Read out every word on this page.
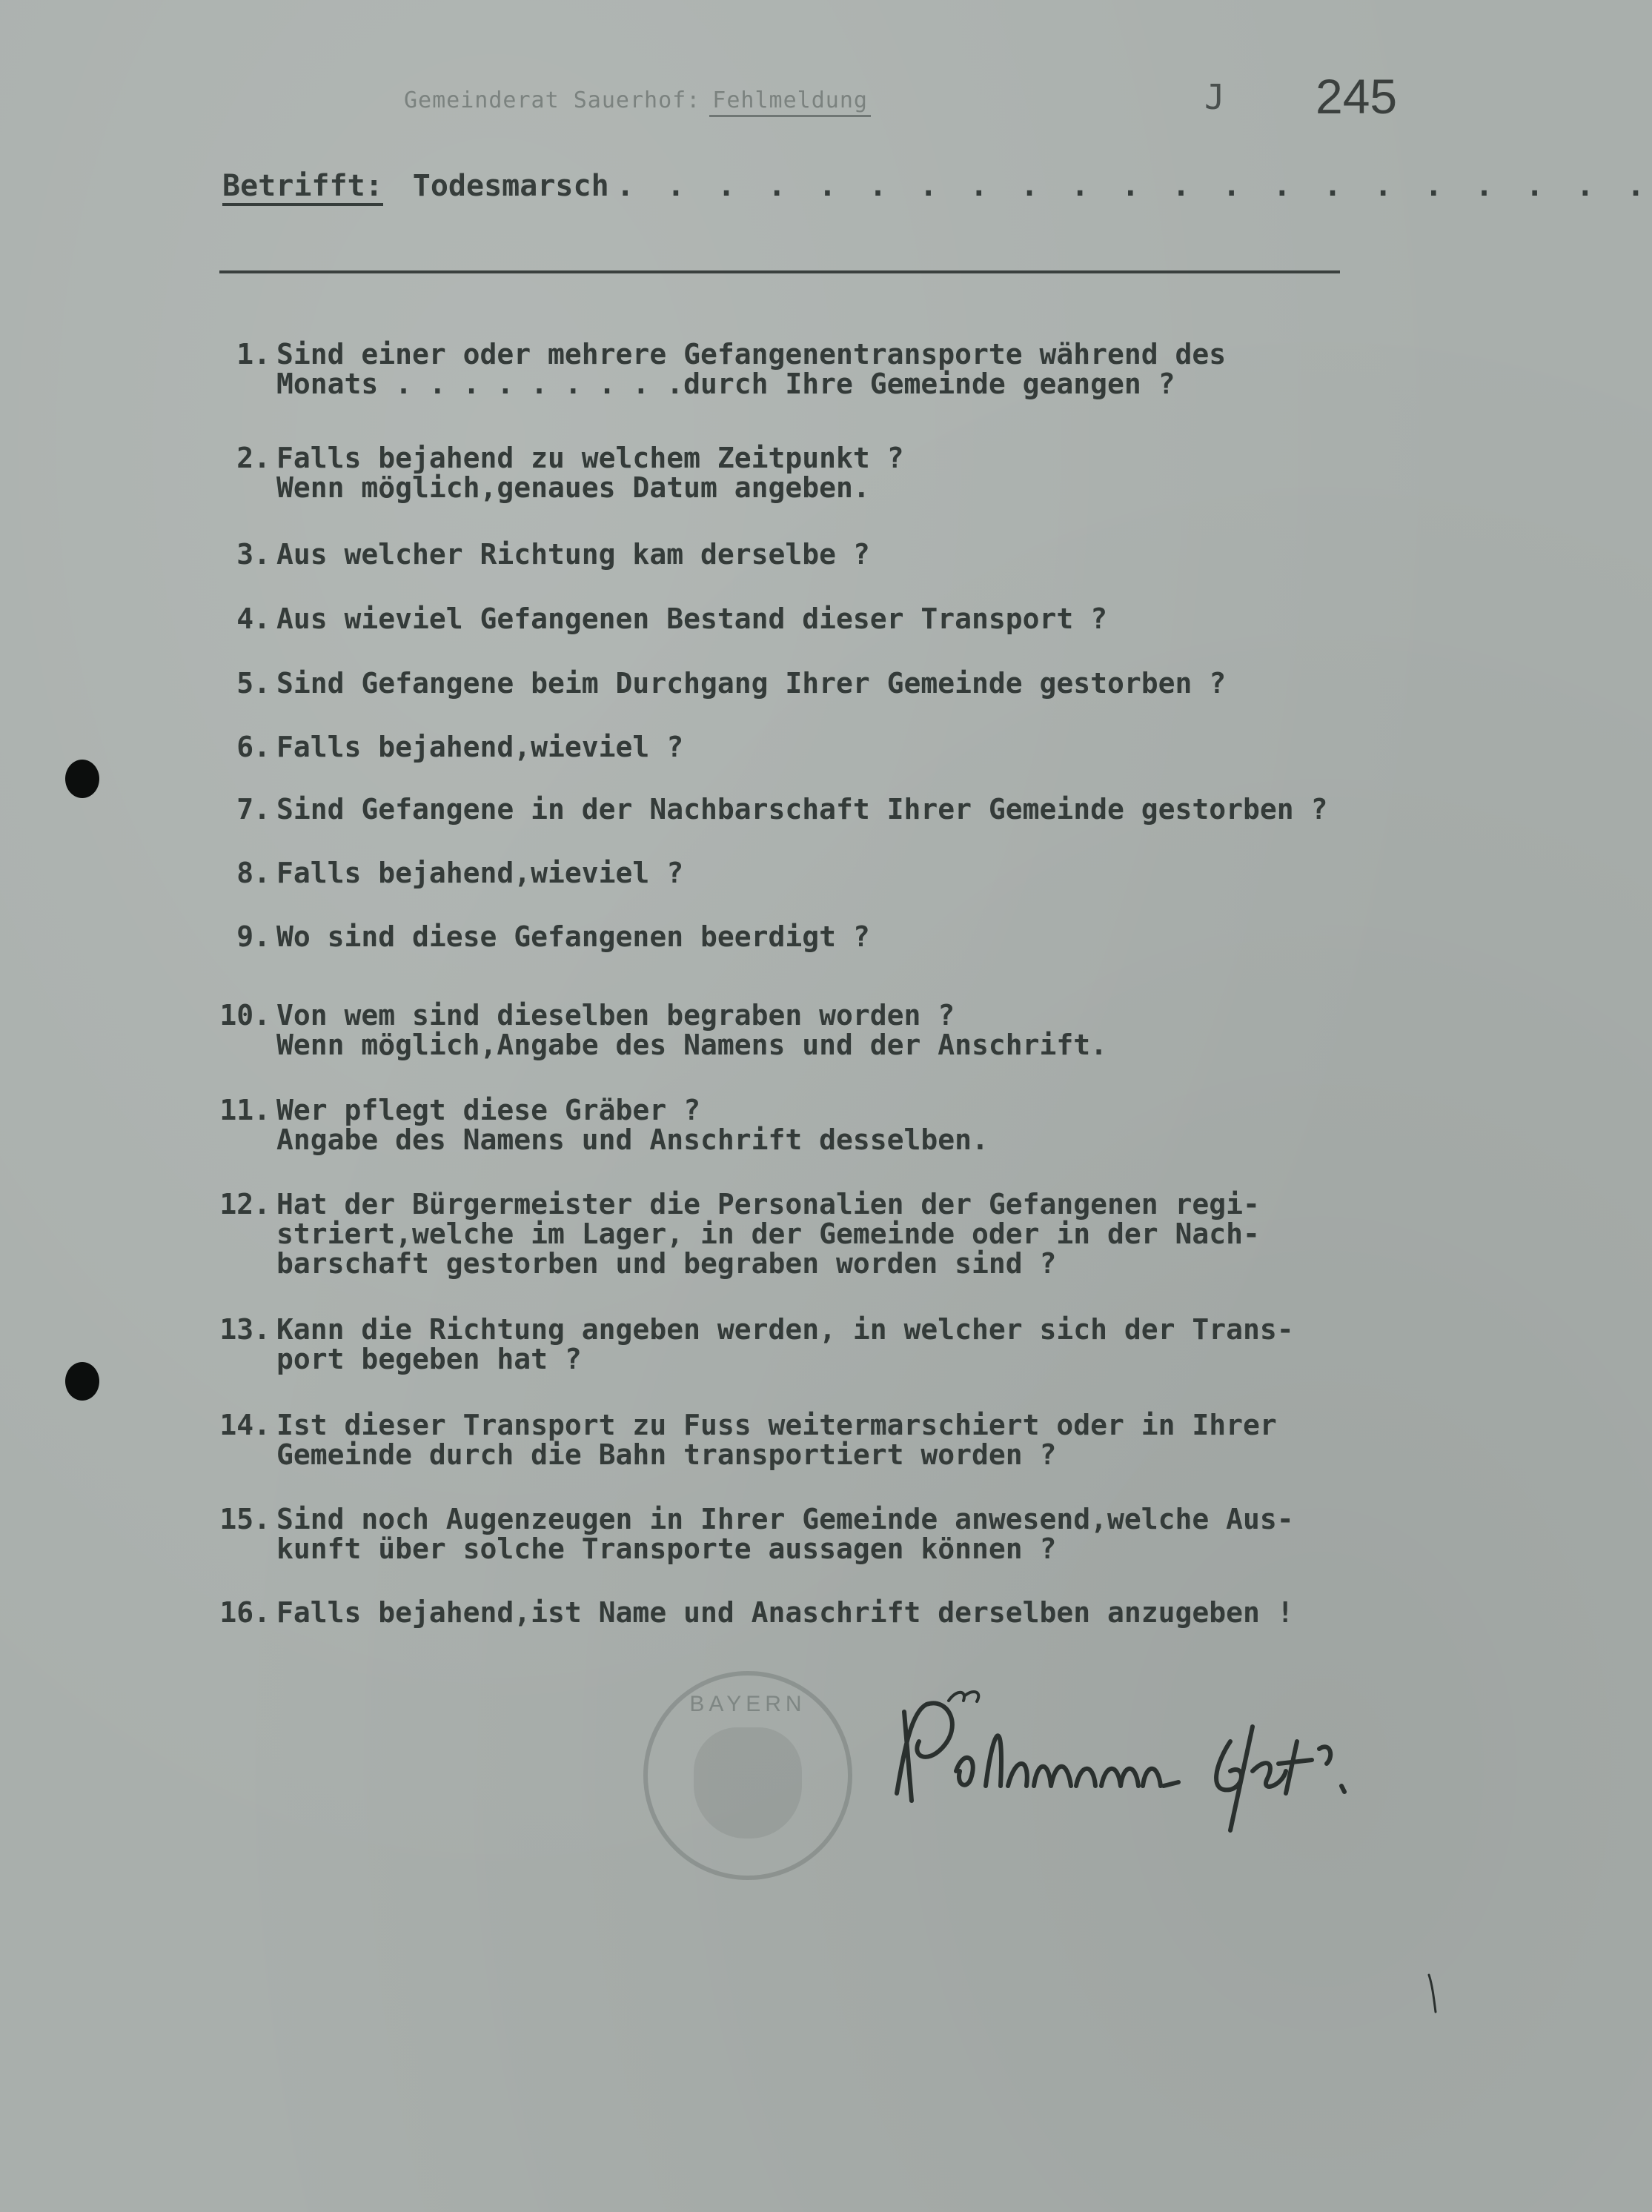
Gemeinderat Sauerhof: Fehlmeldung	J 245
Betrifft: Todesmarsch . . . . . . . . . . . . . . . . . . . . .
1. Sind einer oder mehrere Gefangenentransporte während des
Monats . . . . . . . . .durch Ihre Gemeinde geangen ?
2. Falls bejahend zu welchem Zeitpunkt ?
Wenn möglich,genaues Datum angeben.
3. Aus welcher Richtung kam derselbe ?
4. Aus wieviel Gefangenen Bestand dieser Transport ?
5. Sind Gefangene beim Durchgang Ihrer Gemeinde gestorben ?
6. Falls bejahend,wieviel ?
7. Sind Gefangene in der Nachbarschaft Ihrer Gemeinde gestorben ?
8. Falls bejahend,wieviel ?
9. Wo sind diese Gefangenen beerdigt ?
10. Von wem sind dieselben begraben worden ?
Wenn möglich,Angabe des Namens und der Anschrift.
11. Wer pflegt diese Gräber ?
Angabe des Namens und Anschrift desselben.
12. Hat der Bürgermeister die Personalien der Gefangenen regi-
striert,welche im Lager, in der Gemeinde oder in der Nach-
barschaft gestorben und begraben worden sind ?
13. Kann die Richtung angeben werden, in welcher sich der Trans-
port begeben hat ?
14. Ist dieser Transport zu Fuss weitermarschiert oder in Ihrer
Gemeinde durch die Bahn transportiert worden ?
15. Sind noch Augenzeugen in Ihrer Gemeinde anwesend,welche Aus-
kunft über solche Transporte aussagen können ?
16. Falls bejahend,ist Name und Anaschrift derselben anzugeben !
BAYERN
